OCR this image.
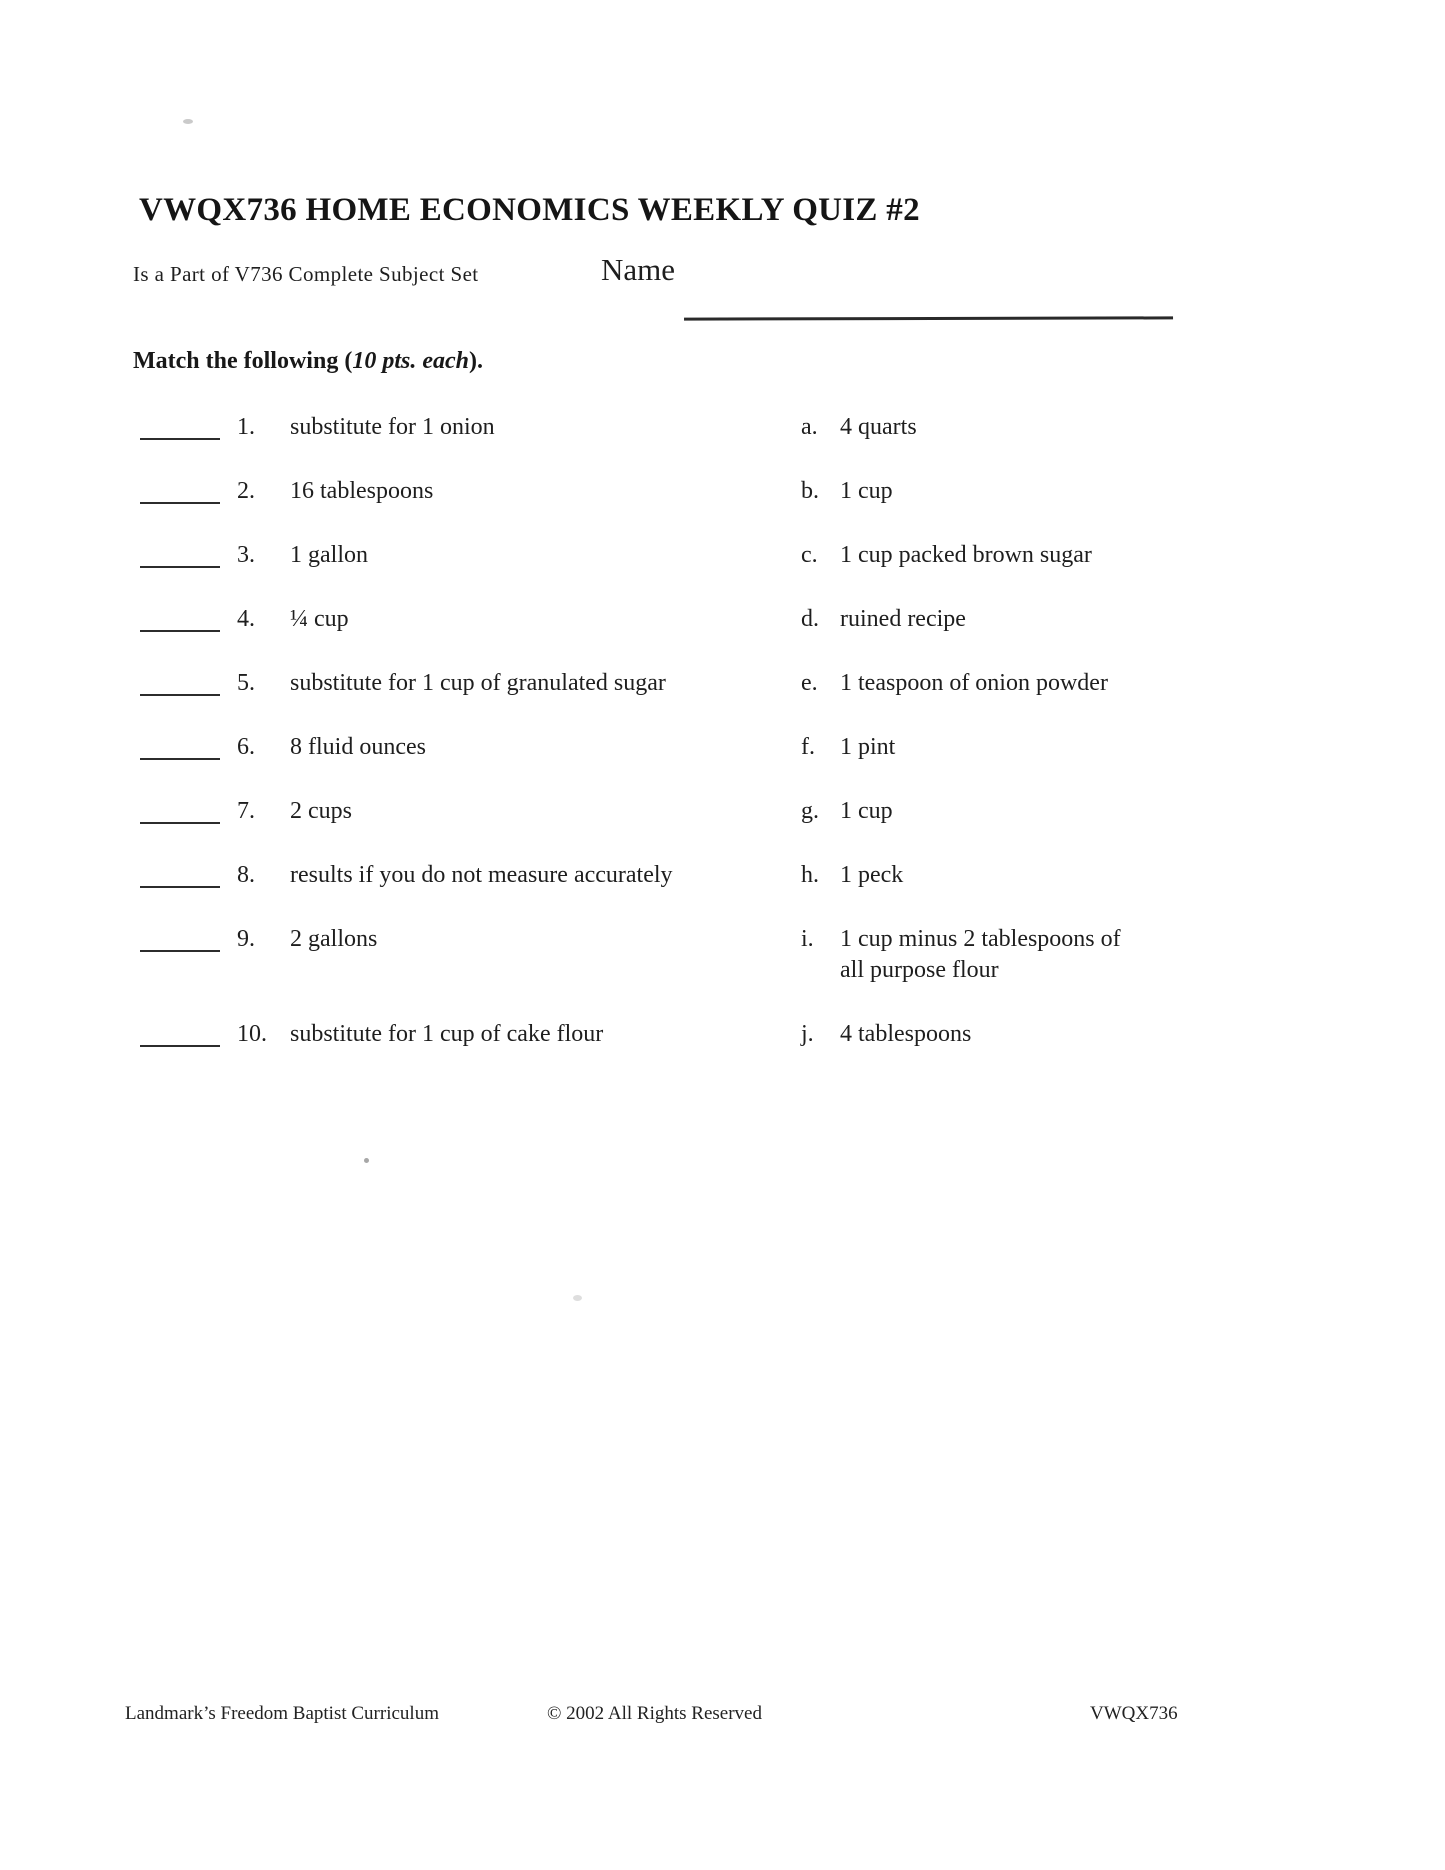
VWQX736 HOME ECONOMICS WEEKLY QUIZ #2
Is a Part of V736 Complete Subject Set	Name
Match the following (10 pts. each).
1.	substitute for 1 onion	a. 4 quarts
2.	16 tablespoons	b. 1 cup
3.	1 gallon	c. 1 cup packed brown sugar
4.	¼ cup	d. ruined recipe
5.	substitute for 1 cup of granulated sugar	e. 1 teaspoon of onion powder
6.	8 fluid ounces	f.	1 pint
7.	2 cups	g. 1 cup
8.	results if you do not measure accurately	h. 1 peck
9.	2 gallons	i.	1 cup minus 2 tablespoons of all purpose flour
10. substitute for 1 cup of cake flour	j.	4 tablespoons
Landmark’s Freedom Baptist Curriculum	© 2002 All Rights Reserved	VWQX736
